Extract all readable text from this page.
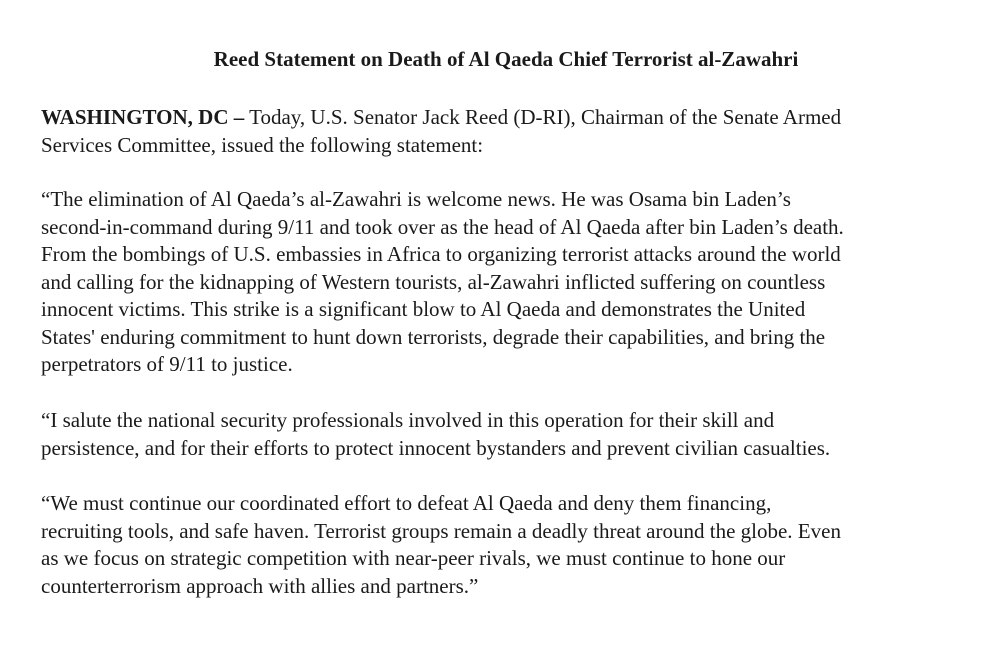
Reed Statement on Death of Al Qaeda Chief Terrorist al-Zawahri
WASHINGTON, DC – Today, U.S. Senator Jack Reed (D-RI), Chairman of the Senate Armed
Services Committee, issued the following statement:
“The elimination of Al Qaeda’s al-Zawahri is welcome news. He was Osama bin Laden’s
second-in-command during 9/11 and took over as the head of Al Qaeda after bin Laden’s death.
From the bombings of U.S. embassies in Africa to organizing terrorist attacks around the world
and calling for the kidnapping of Western tourists, al-Zawahri inflicted suffering on countless
innocent victims. This strike is a significant blow to Al Qaeda and demonstrates the United
States' enduring commitment to hunt down terrorists, degrade their capabilities, and bring the
perpetrators of 9/11 to justice.
“I salute the national security professionals involved in this operation for their skill and
persistence, and for their efforts to protect innocent bystanders and prevent civilian casualties.
“We must continue our coordinated effort to defeat Al Qaeda and deny them financing,
recruiting tools, and safe haven. Terrorist groups remain a deadly threat around the globe. Even
as we focus on strategic competition with near-peer rivals, we must continue to hone our
counterterrorism approach with allies and partners.”
